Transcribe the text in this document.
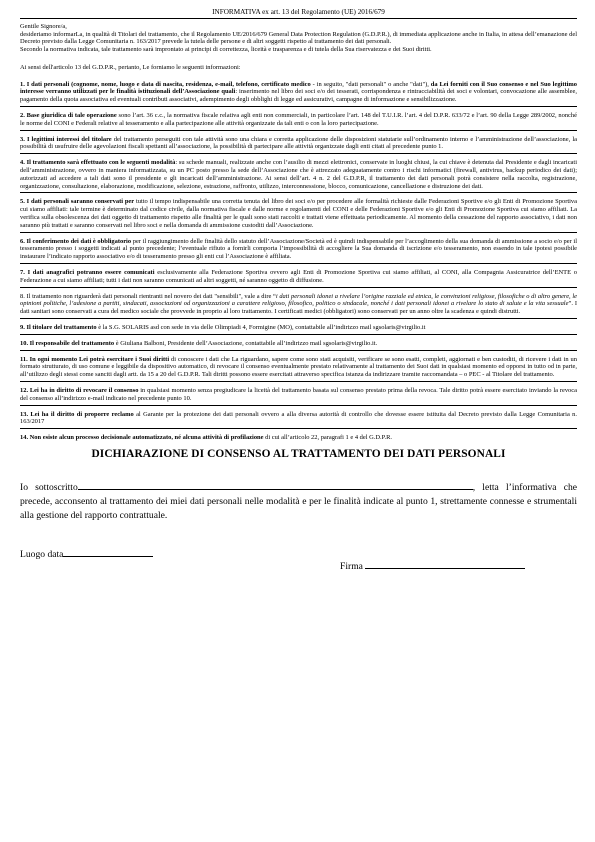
INFORMATIVA ex art. 13 del Regolamento (UE) 2016/679

Gentile Signore/a,

desideriamo informarLa, in qualità di Titolari del trattamento, che il Regolamento UE/2016/679 General Data Protection Regulation (G.D.P.R.), di immediata applicazione anche in Italia, in attesa dell’emanazione del Decreto previsto dalla Legge Comunitaria n. 163/2017 prevede la tutela delle persone e di altri soggetti rispetto al trattamento dei dati personali.

Secondo la normativa indicata, tale trattamento sarà improntato ai principi di correttezza, liceità e trasparenza e di tutela della Sua riservatezza e dei Suoi diritti.

Ai sensi dell'articolo 13 del G.D.P.R., pertanto, Le forniamo le seguenti informazioni:

1. I dati personali (cognome, nome, luogo e data di nascita, residenza, e-mail, telefono, certificato medico - in seguito, "dati personali" o anche "dati"), da Lei forniti con il Suo consenso e nel Suo legittimo interesse verranno utilizzati per le finalità istituzionali dell’Associazione quali: inserimento nel libro dei soci e/o dei tesserati, corrispondenza e rintracciabilità dei soci e volontari, convocazione alle assemblee, pagamento della quota associativa ed eventuali contributi associativi, adempimento degli obblighi di legge ed assicurativi, campagne di informazione e sensibilizzazione.
2. Base giuridica di tale operazione sono l’art. 36 c.c., la normativa fiscale relativa agli enti non commerciali, in particolare l’art. 148 del T.U.I.R. l’art. 4 del D.P.R. 633/72 e l’art. 90 della Legge 289/2002, nonché le norme del CONI e Federali relative al tesseramento e alla partecipazione alle attività organizzate da tali enti o con la loro partecipazione.
3. I legittimi interessi del titolare del trattamento perseguiti con tale attività sono una chiara e corretta applicazione delle disposizioni statutarie sull’ordinamento interno e l’amministrazione dell’associazione, la possibilità di usufruire delle agevolazioni fiscali spettanti all’associazione, la possibilità di partecipare alle attività organizzate dagli enti citati al precedente punto 1.
4. Il trattamento sarà effettuato con le seguenti modalità: su schede manuali, realizzate anche con l’ausilio di mezzi elettronici, conservate in luoghi chiusi, la cui chiave è detenuta dal Presidente e dagli incaricati dell’amministrazione, ovvero in maniera informatizzata, su un PC posto presso la sede dell’Associazione che è attrezzato adeguatamente contro i rischi informatici (firewall, antivirus, backup periodico dei dati); autorizzati ad accedere a tali dati sono il presidente e gli incaricati dell’amministrazione. Ai sensi dell’art. 4 n. 2 del G.D.P.R, il trattamento dei dati personali potrà consistere nella raccolta, registrazione, organizzazione, consultazione, elaborazione, modificazione, selezione, estrazione, raffronto, utilizzo, interconnessione, blocco, comunicazione, cancellazione e distruzione dei dati.
5. I dati personali saranno conservati per tutto il tempo indispensabile una corretta tenuta del libro dei soci e/o per procedere alle formalità richieste dalle Federazioni Sportive e/o gli Enti di Promozione Sportiva cui siamo affiliati: tale termine è determinato dal codice civile, dalla normativa fiscale e dalle norme e regolamenti del CONI e delle Federazioni Sportive e/o gli Enti di Promozione Sportiva cui siamo affiliati. La verifica sulla obsolescenza dei dati oggetto di trattamento rispetto alle finalità per le quali sono stati raccolti e trattati viene effettuata periodicamente. Al momento della cessazione del rapporto associativo, i dati non saranno più trattati e saranno conservati nel libro soci e nella domanda di ammissione custoditi dall’Associazione.
6. Il conferimento dei dati è obbligatorio per il raggiungimento delle finalità dello statuto dell’Associazione/Società ed è quindi indispensabile per l’accoglimento della sua domanda di ammissione a socio e/o per il tesseramento presso i soggetti indicati al punto precedente; l’eventuale rifiuto a fornirli comporta l’impossibilità di accogliere la Sua domanda di iscrizione e/o tesseramento, non essendo in tale ipotesi possibile instaurare l’indicato rapporto associativo e/o di tesseramento presso gli enti cui l’Associazione è affiliata.
7. I dati anagrafici potranno essere comunicati esclusivamente alla Federazione Sportiva ovvero agli Enti di Promozione Sportiva cui siamo affiliati, al CONI, alla Compagnia Assicuratrice dell’ENTE o Federazione a cui siamo affiliati; tutti i dati non saranno comunicati ad altri soggetti, né saranno oggetto di diffusione.
8. Il trattamento non riguarderà dati personali rientranti nel novero dei dati "sensibili", vale a dire “i dati personali idonei a rivelare l’origine razziale ed etnica, le convinzioni religiose, filosofiche o di altro genere, le opinioni politiche, l’adesione a partiti, sindacati, associazioni od organizzazioni a carattere religioso, filosofico, politico o sindacale, nonché i dati personali idonei a rivelare lo stato di salute e la vita sessuale”. I dati sanitari sono conservati a cura del medico sociale che provvede in proprio al loro trattamento. I certificati medici (obbligatori) sono conservati per un anno oltre la scadenza e quindi distrutti.
9. Il titolare del trattamento è la S.G. SOLARIS asd con sede in via delle Olimpiadi 4, Formigine (MO), contattabile all’indirizzo mail sgsolaris@virgilio.it
10. Il responsabile del trattamento è Giuliana Balboni, Presidente dell’Associazione, contattabile all’indirizzo mail sgsolaris@virgilio.it.
11. In ogni momento Lei potrà esercitare i Suoi diritti di conoscere i dati che La riguardano, sapere come sono stati acquisiti, verificare se sono esatti, completi, aggiornati e ben custoditi, di ricevere i dati in un formato strutturato, di uso comune e leggibile da dispositivo automatico, di revocare il consenso eventualmente prestato relativamente al trattamento dei Suoi dati in qualsiasi momento ed opporsi in tutto od in parte, all’utilizzo degli stessi come sanciti dagli artt. da 15 a 20 del G.D.P.R. Tali diritti possono essere esercitati attraverso specifica istanza da indirizzare tramite raccomandata – o PEC - al Titolare del trattamento.
12. Lei ha in diritto di revocare il consenso in qualsiasi momento senza pregiudicare la liceità del trattamento basata sul consenso prestato prima della revoca. Tale diritto potrà essere esercitato inviando la revoca del consenso all’indirizzo e-mail indicato nel precedente punto 10.
13. Lei ha il diritto di proporre reclamo al Garante per la protezione dei dati personali ovvero a alla diversa autorità di controllo che dovesse essere istituita dal Decreto previsto dalla Legge Comunitaria n. 163/2017
14. Non esiste alcun processo decisionale automatizzato, né alcuna attività di profilazione di cui all’articolo 22, paragrafi 1 e 4 del G.D.P.R.
DICHIARAZIONE DI CONSENSO AL TRATTAMENTO DEI DATI PERSONALI

Io sottoscritto	, letta l’informativa che precede, acconsento al trattamento dei miei dati personali nelle modalità e per le finalità indicate al punto 1, strettamente connesse e strumentali alla gestione del rapporto contrattuale.

Luogo data
Firma
